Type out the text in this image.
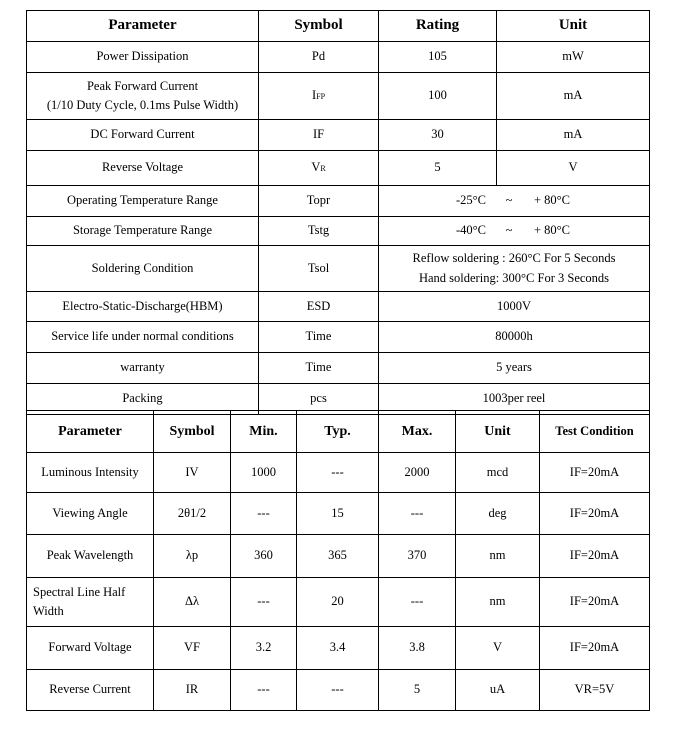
Parameter	Symbol	Rating	Unit
Power Dissipation	Pd	105	mW

Peak Forward Current
(1/10 Duty Cycle, 0.1ms Pulse Width)	IFP	100	mA
DC Forward Current	IF	30	mA
Reverse Voltage	VR	5	V
Operating Temperature Range	Topr	-25°C ~ + 80°C	
Storage Temperature Range	Tstg	-40°C ~ + 80°C	
Soldering Condition	Tsol	Reflow soldering : 260°C For 5 Seconds
Hand soldering: 300°C For 3 Seconds	

Electro-Static-Discharge(HBM)	ESD	1000V	
Service life under normal conditions	Time	80000h	
warranty	Time	5 years	
Packing	pcs	1003per reel	
Parameter	Symbol	Min.	Typ.	Max.	Unit	Test Condition
Luminous Intensity	IV	1000	---	2000	mcd	IF=20mA
Viewing Angle	2θ1/2	---	15	---	deg	IF=20mA
Peak Wavelength	λp	360	365	370	nm	IF=20mA
Spectral Line Half Width	Δλ	---	20	---	nm	IF=20mA
Forward Voltage	VF	3.2	3.4	3.8	V	IF=20mA
Reverse Current	IR	---	---	5	uA	VR=5V
